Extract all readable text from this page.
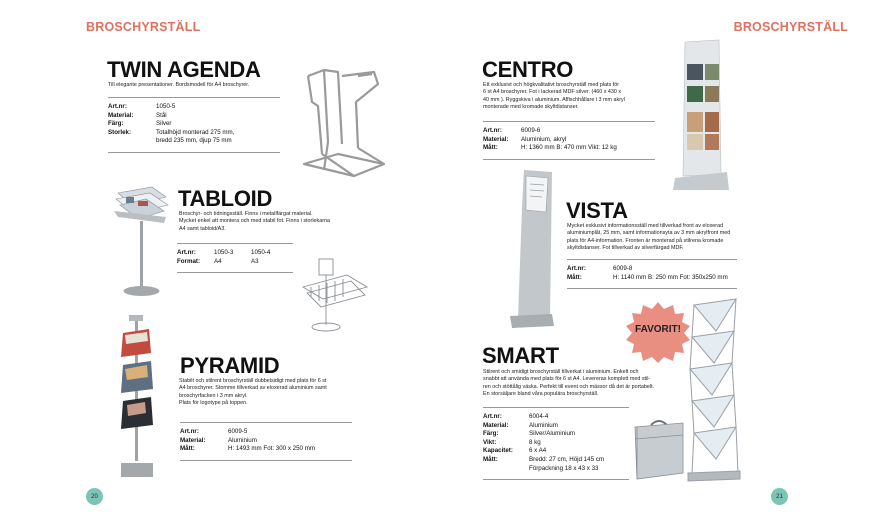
BROSCHYRSTÄLL	BROSCHYRSTÄLL
TWIN AGENDA
Till elegante presentationer. Bordsmodell för A4 broschyrer.
Art.nr:	1050-5
Material:	Stål
Färg:	Silver
Storlek:	Totalhöjd monterad 275 mm,
bredd 235 mm, djup 75 mm
TABLOID
Broschyr- och tidningsställ. Finns i metallfärgat material.
Mycket enkel att montera och med stabil fot. Finns i storlekarna
A4 samt tabloid/A3.
Art.nr:	1050-3	1050-4
Format:	A4	A3
PYRAMID
Stabilt och stilrent broschyrställ dubbelsidigt med plats för 6 st
A4 broschyrer. Stomme tillverkad av eloxerad aluminium samt
broschyrfacken i 3 mm akryl.
Plats för logotype på toppen.
Art.nr:	6009-5
Material:	Aluminium
Mått:	H: 1493 mm Fot: 300 x 250 mm
CENTRO
Ett exklusivt och högkvalitativt broschyrställ med plats för
6 st A4 broschyrer. Fot i lackerad MDF silver. (460 x 430 x
40 mm ). Ryggskiva i aluminium. Affischhållare i 3 mm akryl
monterade med kromade skyltdistanser.
Art.nr:	6009-6
Material:	Aluminium, akryl
Mått:	H: 1360 mm B: 470 mm Vikt: 12 kg
VISTA
Mycket exklusivt informationsställ med tillverkad front av eloxerad
aluminiumplåt, 25 mm, samt informationsyta av 3 mm akrylfront med
plats för A4-information. Fronten är monterad på stilrena kromade
skyltdistanser. Fot tillverkad av silverfärgad MDF.
Art.nr:	6009-8
Mått:	H: 1140 mm B: 250 mm Fot: 350x250 mm
FAVORIT!
SMART
Stilrent och smidigt broschyrställ tillverkat i aluminium. Enkelt och
snabbt att använda med plats för 6 st A4. Levereras komplett med stil-
ren och stöttålig väska. Perfekt till event och mässor då det är portabelt.
En storsäljare bland våra populära broschyrställ.
Art.nr:	6004-4
Material:	Aluminium
Färg:	Silver/Aluminium
Vikt:	8 kg
Kapacitet:	6 x A4
Mått:	Bredd: 27 cm, Höjd 145 cm
Förpackning 18 x 43 x 33
20	21
